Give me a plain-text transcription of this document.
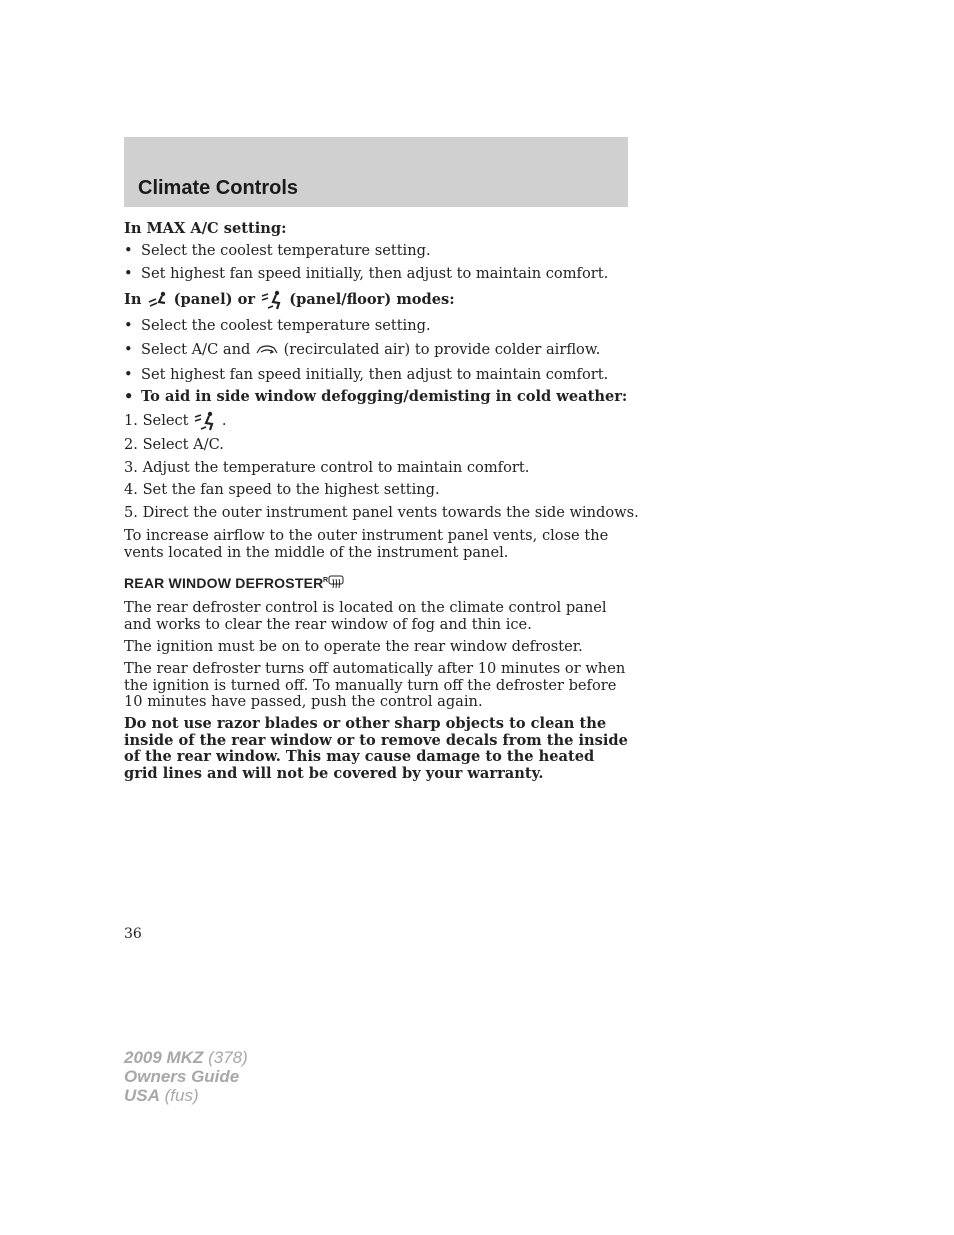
Climate Controls

In MAX A/C setting:

• Select the coolest temperature setting.
• Set highest fan speed initially, then adjust to maintain comfort.

In (panel) or (panel/floor) modes:

• Select the coolest temperature setting.
• Select A/C and (recirculated air) to provide colder airflow.
• Set highest fan speed initially, then adjust to maintain comfort.
• To aid in side window defogging/demisting in cold weather:

1. Select .

2. Select A/C.

3. Adjust the temperature control to maintain comfort.

4. Set the fan speed to the highest setting.

5. Direct the outer instrument panel vents towards the side windows.

To increase airflow to the outer instrument panel vents, close the vents located in the middle of the instrument panel.

REAR WINDOW DEFROSTER R

The rear defroster control is located on the climate control panel and works to clear the rear window of fog and thin ice.

The ignition must be on to operate the rear window defroster.

The rear defroster turns off automatically after 10 minutes or when the ignition is turned off. To manually turn off the defroster before 10 minutes have passed, push the control again.

Do not use razor blades or other sharp objects to clean the inside of the rear window or to remove decals from the inside of the rear window. This may cause damage to the heated grid lines and will not be covered by your warranty.

36
2009 MKZ (378)
Owners Guide
USA (fus)
